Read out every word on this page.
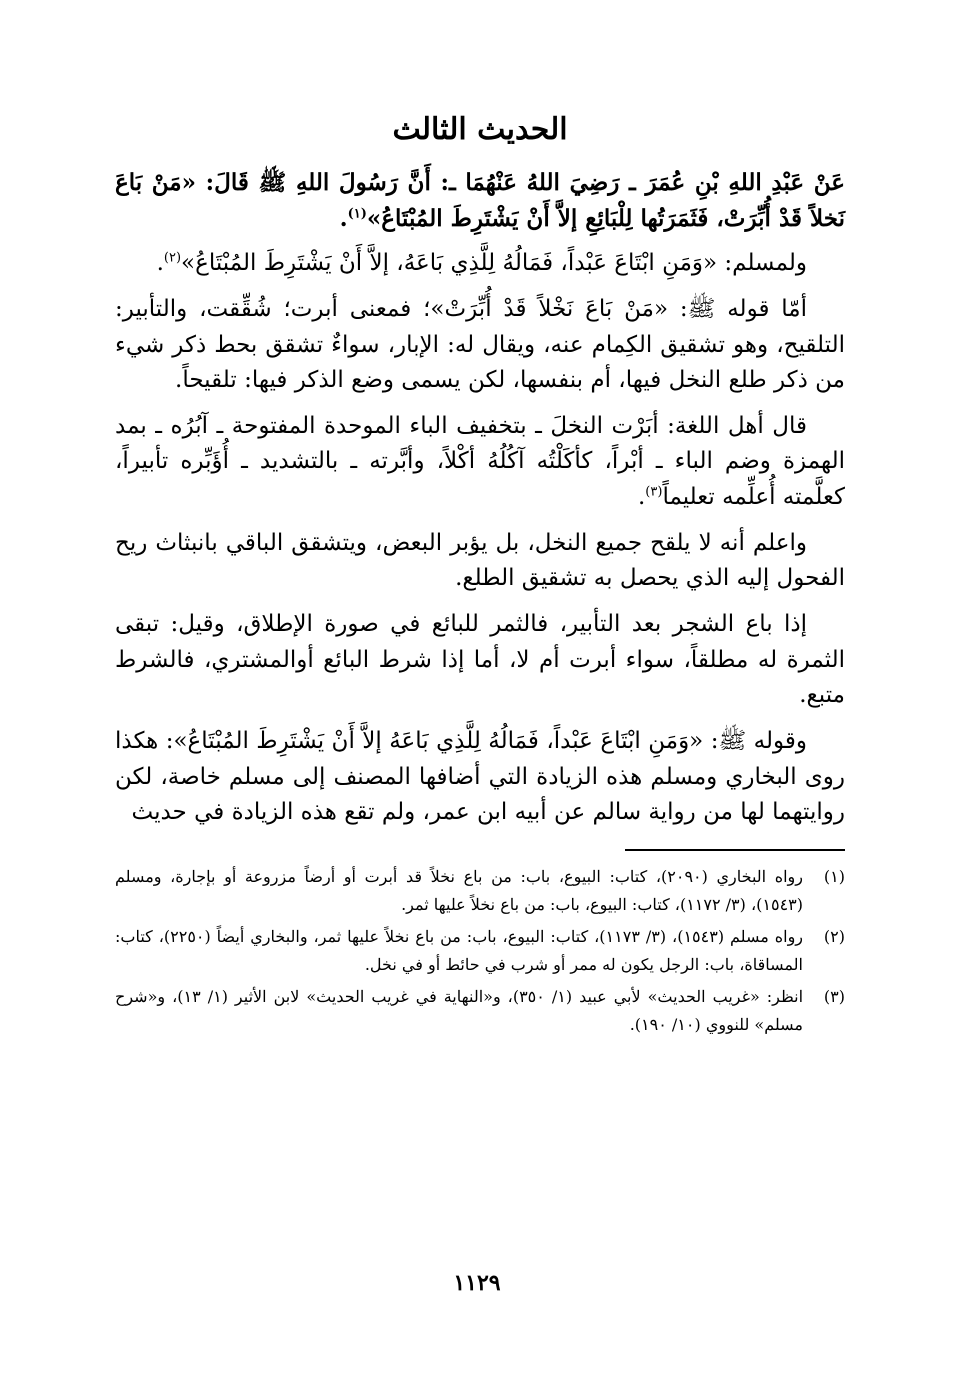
الحديث الثالث

عَنْ عَبْدِ اللهِ بْنِ عُمَرَ ـ رَضِيَ اللهُ عَنْهُمَا ـ: أَنَّ رَسُولَ اللهِ ﷺ قَالَ: «مَنْ بَاعَ نَخلاً قَدْ أُبِّرَتْ، فَثَمَرَتُها لِلْبَائِعِ إلاَّ أَنْ يَشْتَرِطَ المُبْتَاعُ»$^{(١)}$.

ولمسلم: «وَمَنِ ابْتَاعَ عَبْداً، فَمَالُهُ لِلَّذِي بَاعَهُ، إلاَّ أَنْ يَشْتَرِطَ المُبْتَاعُ»$^{(٢)}$.

أمّا قوله ﷺ: «مَنْ بَاعَ نَخْلاً قَدْ أُبِّرَتْ»؛ فمعنى أبرت؛ شُقِّقت، والتأبير: التلقيح، وهو تشقيق الكِمام عنه، ويقال له: الإبار، سواءٌ تشقق بحط ذكر شيء من ذكر طلع النخل فيها، أم بنفسها، لكن يسمى وضع الذكر فيها: تلقيحاً.

قال أهل اللغة: أبَرْت النخلَ ـ بتخفيف الباء الموحدة المفتوحة ـ آبُرُه ـ بمد الهمزة وضم الباء ـ أبْراً، كأكَلْتُه آكُلُهُ أكْلاً، وأبَّرته ـ بالتشديد ـ أُؤَبِّره تأبيراً، كعلَّمته أُعلِّمه تعليماً$^{(٣)}$.

واعلم أنه لا يلقح جميع النخل، بل يؤبر البعض، ويتشقق الباقي بانبثاث ريح الفحول إليه الذي يحصل به تشقيق الطلع.

إذا باع الشجر بعد التأبير، فالثمر للبائع في صورة الإطلاق، وقيل: تبقى الثمرة له مطلقاً، سواء أبرت أم لا، أما إذا شرط البائع أوالمشتري، فالشرط متبع.

وقوله ﷺ: «وَمَنِ ابْتَاعَ عَبْداً، فَمَالُهُ لِلَّذِي بَاعَهُ إلاَّ أَنْ يَشْتَرِطَ المُبْتَاعُ»: هكذا روى البخاري ومسلم هذه الزيادة التي أضافها المصنف إلى مسلم خاصة، لكن روايتهما لها من رواية سالم عن أبيه ابن عمر، ولم تقع هذه الزيادة في حديث

(١)
رواه البخاري (٢٠٩٠)، كتاب: البيوع، باب: من باع نخلاً قد أبرت أو أرضاً مزروعة أو بإجارة، ومسلم (١٥٤٣)، (٣/ ١١٧٢)، كتاب: البيوع، باب: من باع نخلاً عليها ثمر.
(٢)
رواه مسلم (١٥٤٣)، (٣/ ١١٧٣)، كتاب: البيوع، باب: من باع نخلاً عليها ثمر، والبخاري أيضاً (٢٢٥٠)، كتاب: المساقاة، باب: الرجل يكون له ممر أو شرب في حائط أو في نخل.
(٣)
انظر: «غريب الحديث» لأبي عبيد (١/ ٣٥٠)، و«النهاية في غريب الحديث» لابن الأثير (١/ ١٣)، و«شرح مسلم» للنووي (١٠/ ١٩٠).
١١٢٩
